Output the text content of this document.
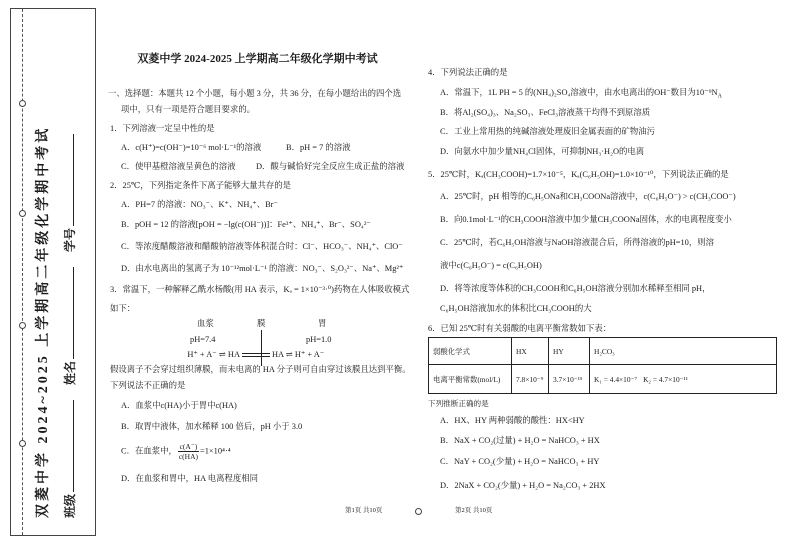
双菱中学 2024~2025 上学期高二年级化学期中考试 班级 姓名 学号
双菱中学 2024-2025 上学期高二年级化学期中考试
一、选择题：本题共 12 个小题，每小题 3 分，共 36 分，在每小题给出的四个选
项中，只有一项是符合题目要求的。
1．下列溶液一定呈中性的是
A．c(H⁺)=c(OH⁻)=10⁻⁶ mol·L⁻¹的溶液	B．pH = 7 的溶液
C．使甲基橙溶液呈黄色的溶液 D．酸与碱恰好完全反应生成正盐的溶液
2．25℃，下列指定条件下离子能够大量共存的是
A．PH=7 的溶液：NO₃⁻、K⁺、NH₄⁺、Br⁻
B．pOH = 12 的溶液[pOH = −lg(c(OH⁻))]：Fe³⁺、NH₄⁺、Br⁻、SO₄²⁻
C．等浓度醋酸溶液和醋酸钠溶液等体积混合时：Cl⁻、HCO₃⁻、NH₄⁺、ClO⁻
D．由水电离出的氢离子为 10⁻¹²mol·L⁻¹ 的溶液：NO₃⁻、S₂O₃²⁻、Na⁺、Mg²⁺
3．常温下，一种解释乙酰水杨酸(用 HA 表示，Kₐ = 1×10⁻³·⁰)药物在人体吸收模式
如下：
血浆	膜	胃
pH=7.4	pH=1.0
H⁺ + A⁻ ⇌ HA	HA ⇌ H⁺ + A⁻
假设离子不会穿过组织薄膜，而未电离的 HA 分子则可自由穿过该膜且达到平衡。
下列说法不正确的是
A．血浆中c(HA)小于胃中c(HA)
B．取胃中液体，加水稀释 100 倍后，pH 小于 3.0
C．在血浆中， $\frac{c(A^-)}{c(HA)} =1\times 10^4\cdot^4$
D．在血浆和胃中，HA 电离程度相同
4．下列说法正确的是
A．常温下，1L PH = 5 的(NH₄)₂SO₄溶液中，由水电离出的OH⁻数目为$10^{-9}N_A$
B．将Al₂(SO₄)₃、Na₂SO₃、FeCl₃溶液蒸干均得不到原溶质
C．工业上常用热的纯碱溶液处理废旧金属表面的矿物油污
D．向氨水中加少量NH₄Cl固体，可抑制NH₃·H₂O的电离
5．25℃时，Kₐ(CH₃COOH)=1.7×10⁻⁵，Kₐ(C₆H₅OH)=1.0×10⁻¹⁰，下列说法正确的是
A．25℃时，pH 相等的C₆H₅ONa和CH₃COONa溶液中，c(C₆H₅O⁻) > c(CH₃COO⁻)
B．向0.1mol·L⁻¹的CH₃COOH溶液中加少量CH₃COONa固体，水的电离程度变小
C．25℃时，若C₆H₅OH溶液与NaOH溶液混合后，所得溶液的pH=10，则溶
液中c(C₆H₅O⁻) = c(C₆H₅OH)
D．将等浓度等体积的CH₃COOH和C₆H₅OH溶液分别加水稀释至相同 pH，
C₆H₅OH溶液加水的体积比CH₃COOH的大
6．已知 25℃时有关弱酸的电离平衡常数如下表：
弱酸化学式	HX	HY	H₂CO₃
电离平衡常数(mol/L)	7.8×10⁻⁹	3.7×10⁻¹⁵	K₁ = 4.4×10⁻⁷ K₂ = 4.7×10⁻¹¹
下列推断正确的是
A．HX、HY 两种弱酸的酸性：HX<HY
B．NaX + CO₂(过量) + H₂O = NaHCO₃ + HX
C．NaY + CO₂(少量) + H₂O = NaHCO₃ + HY
D．2NaX + CO₂(少量) + H₂O = Na₂CO₃ + 2HX
第1页 共10页	第2页 共10页
